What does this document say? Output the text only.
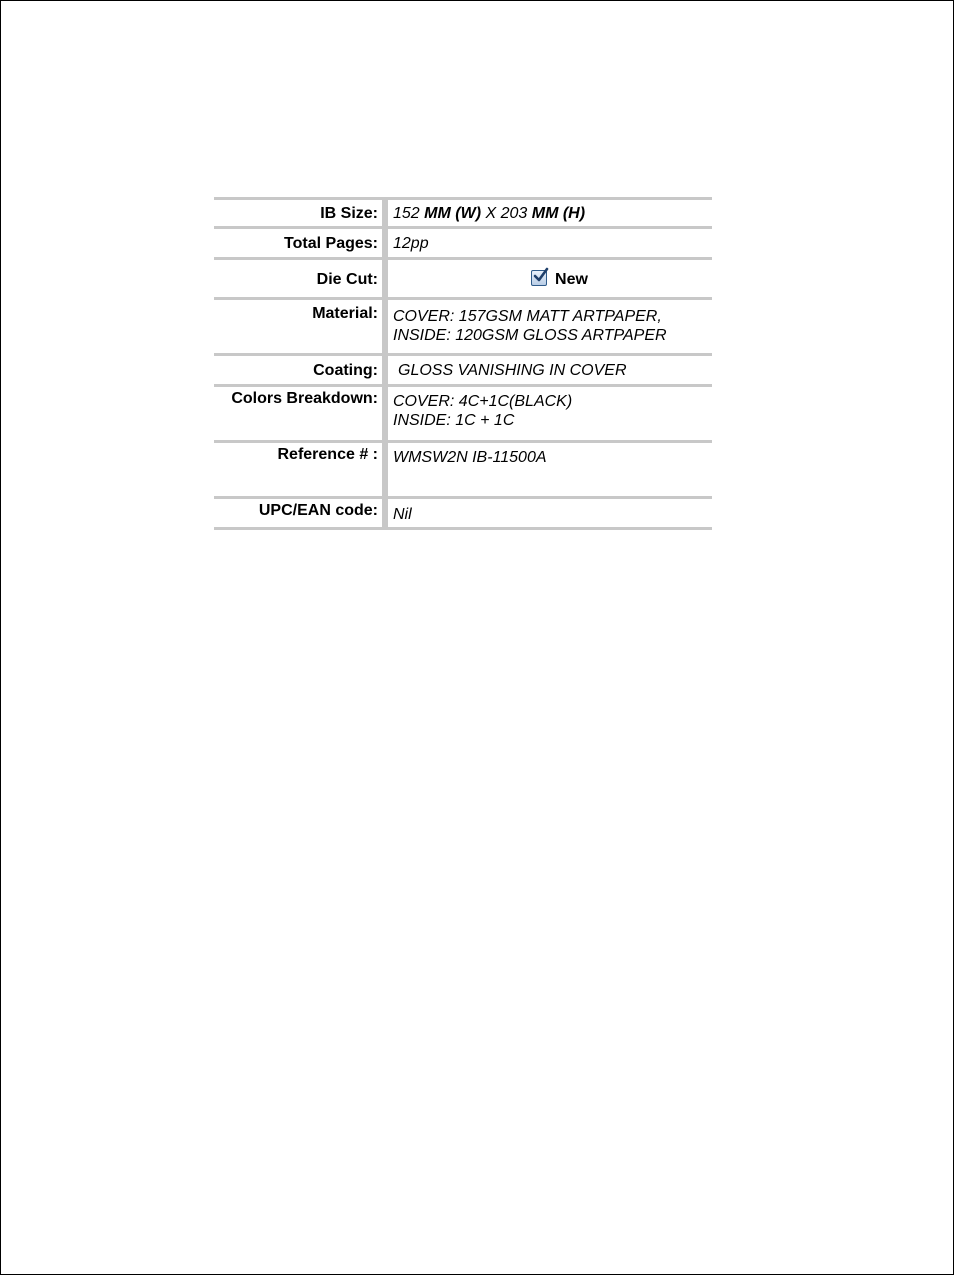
IB Size:		152 MM (W) X 203 MM (H)

Total Pages:		12pp

Die Cut:		New

Material:		COVER: 157GSM MATT ARTPAPER,
INSIDE: 120GSM GLOSS ARTPAPER

Coating:		GLOSS VANISHING IN COVER

Colors Breakdown:		COVER: 4C+1C(BLACK)
INSIDE: 1C + 1C

Reference # :		WMSW2N IB-11500A

UPC/EAN code:		Nil
